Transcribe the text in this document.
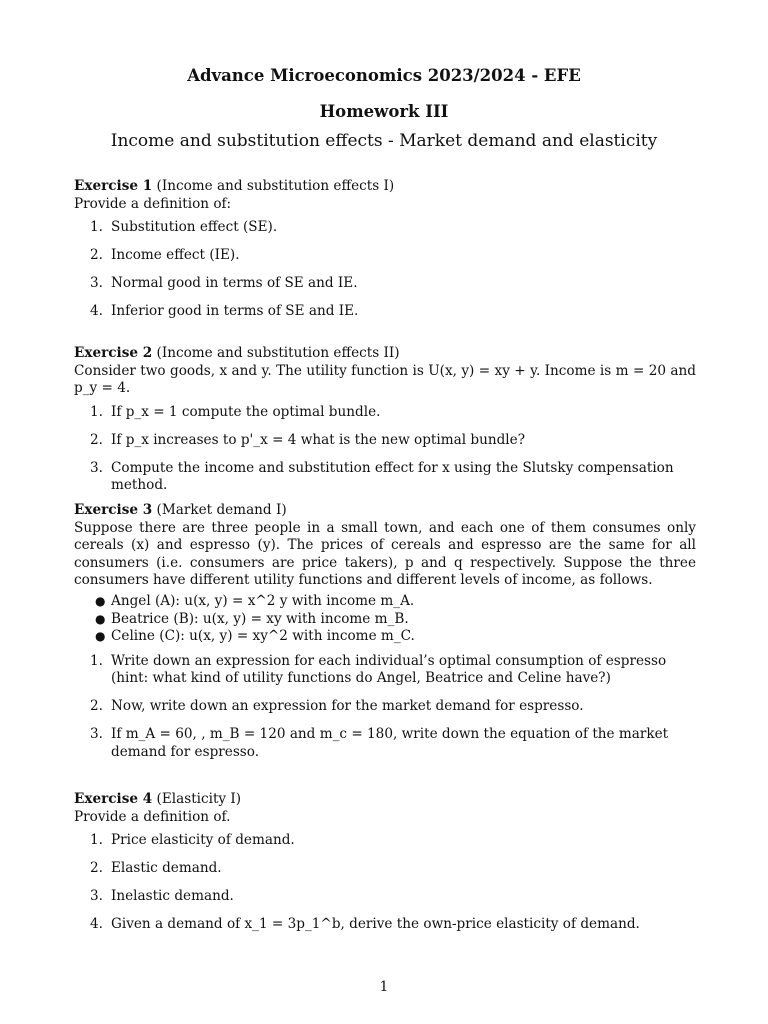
Advance Microeconomics 2023/2024 - EFE
Homework III
Income and substitution effects - Market demand and elasticity

Exercise 1 (Income and substitution effects I)

Provide a definition of:

1. Substitution effect (SE).
2. Income effect (IE).
3. Normal good in terms of SE and IE.
4. Inferior good in terms of SE and IE.

Exercise 2 (Income and substitution effects II)

Consider two goods, x and y. The utility function is U(x, y) = xy + y. Income is m = 20 and p_y = 4.

1. If p_x = 1 compute the optimal bundle.
2. If p_x increases to p'_x = 4 what is the new optimal bundle?
3. Compute the income and substitution effect for x using the Slutsky compensation method.

Exercise 3 (Market demand I)

Suppose there are three people in a small town, and each one of them consumes only cereals (x) and espresso (y). The prices of cereals and espresso are the same for all consumers (i.e. consumers are price takers), p and q respectively. Suppose the three consumers have different utility functions and different levels of income, as follows.

● Angel (A): u(x, y) = x^2 y with income m_A.
● Beatrice (B): u(x, y) = xy with income m_B.
● Celine (C): u(x, y) = xy^2 with income m_C.
1. Write down an expression for each individual’s optimal consumption of espresso (hint: what kind of utility functions do Angel, Beatrice and Celine have?)
2. Now, write down an expression for the market demand for espresso.
3. If m_A = 60, , m_B = 120 and m_c = 180, write down the equation of the market demand for espresso.

Exercise 4 (Elasticity I)

Provide a definition of.

1. Price elasticity of demand.
2. Elastic demand.
3. Inelastic demand.
4. Given a demand of x_1 = 3p_1^b, derive the own-price elasticity of demand.
1
